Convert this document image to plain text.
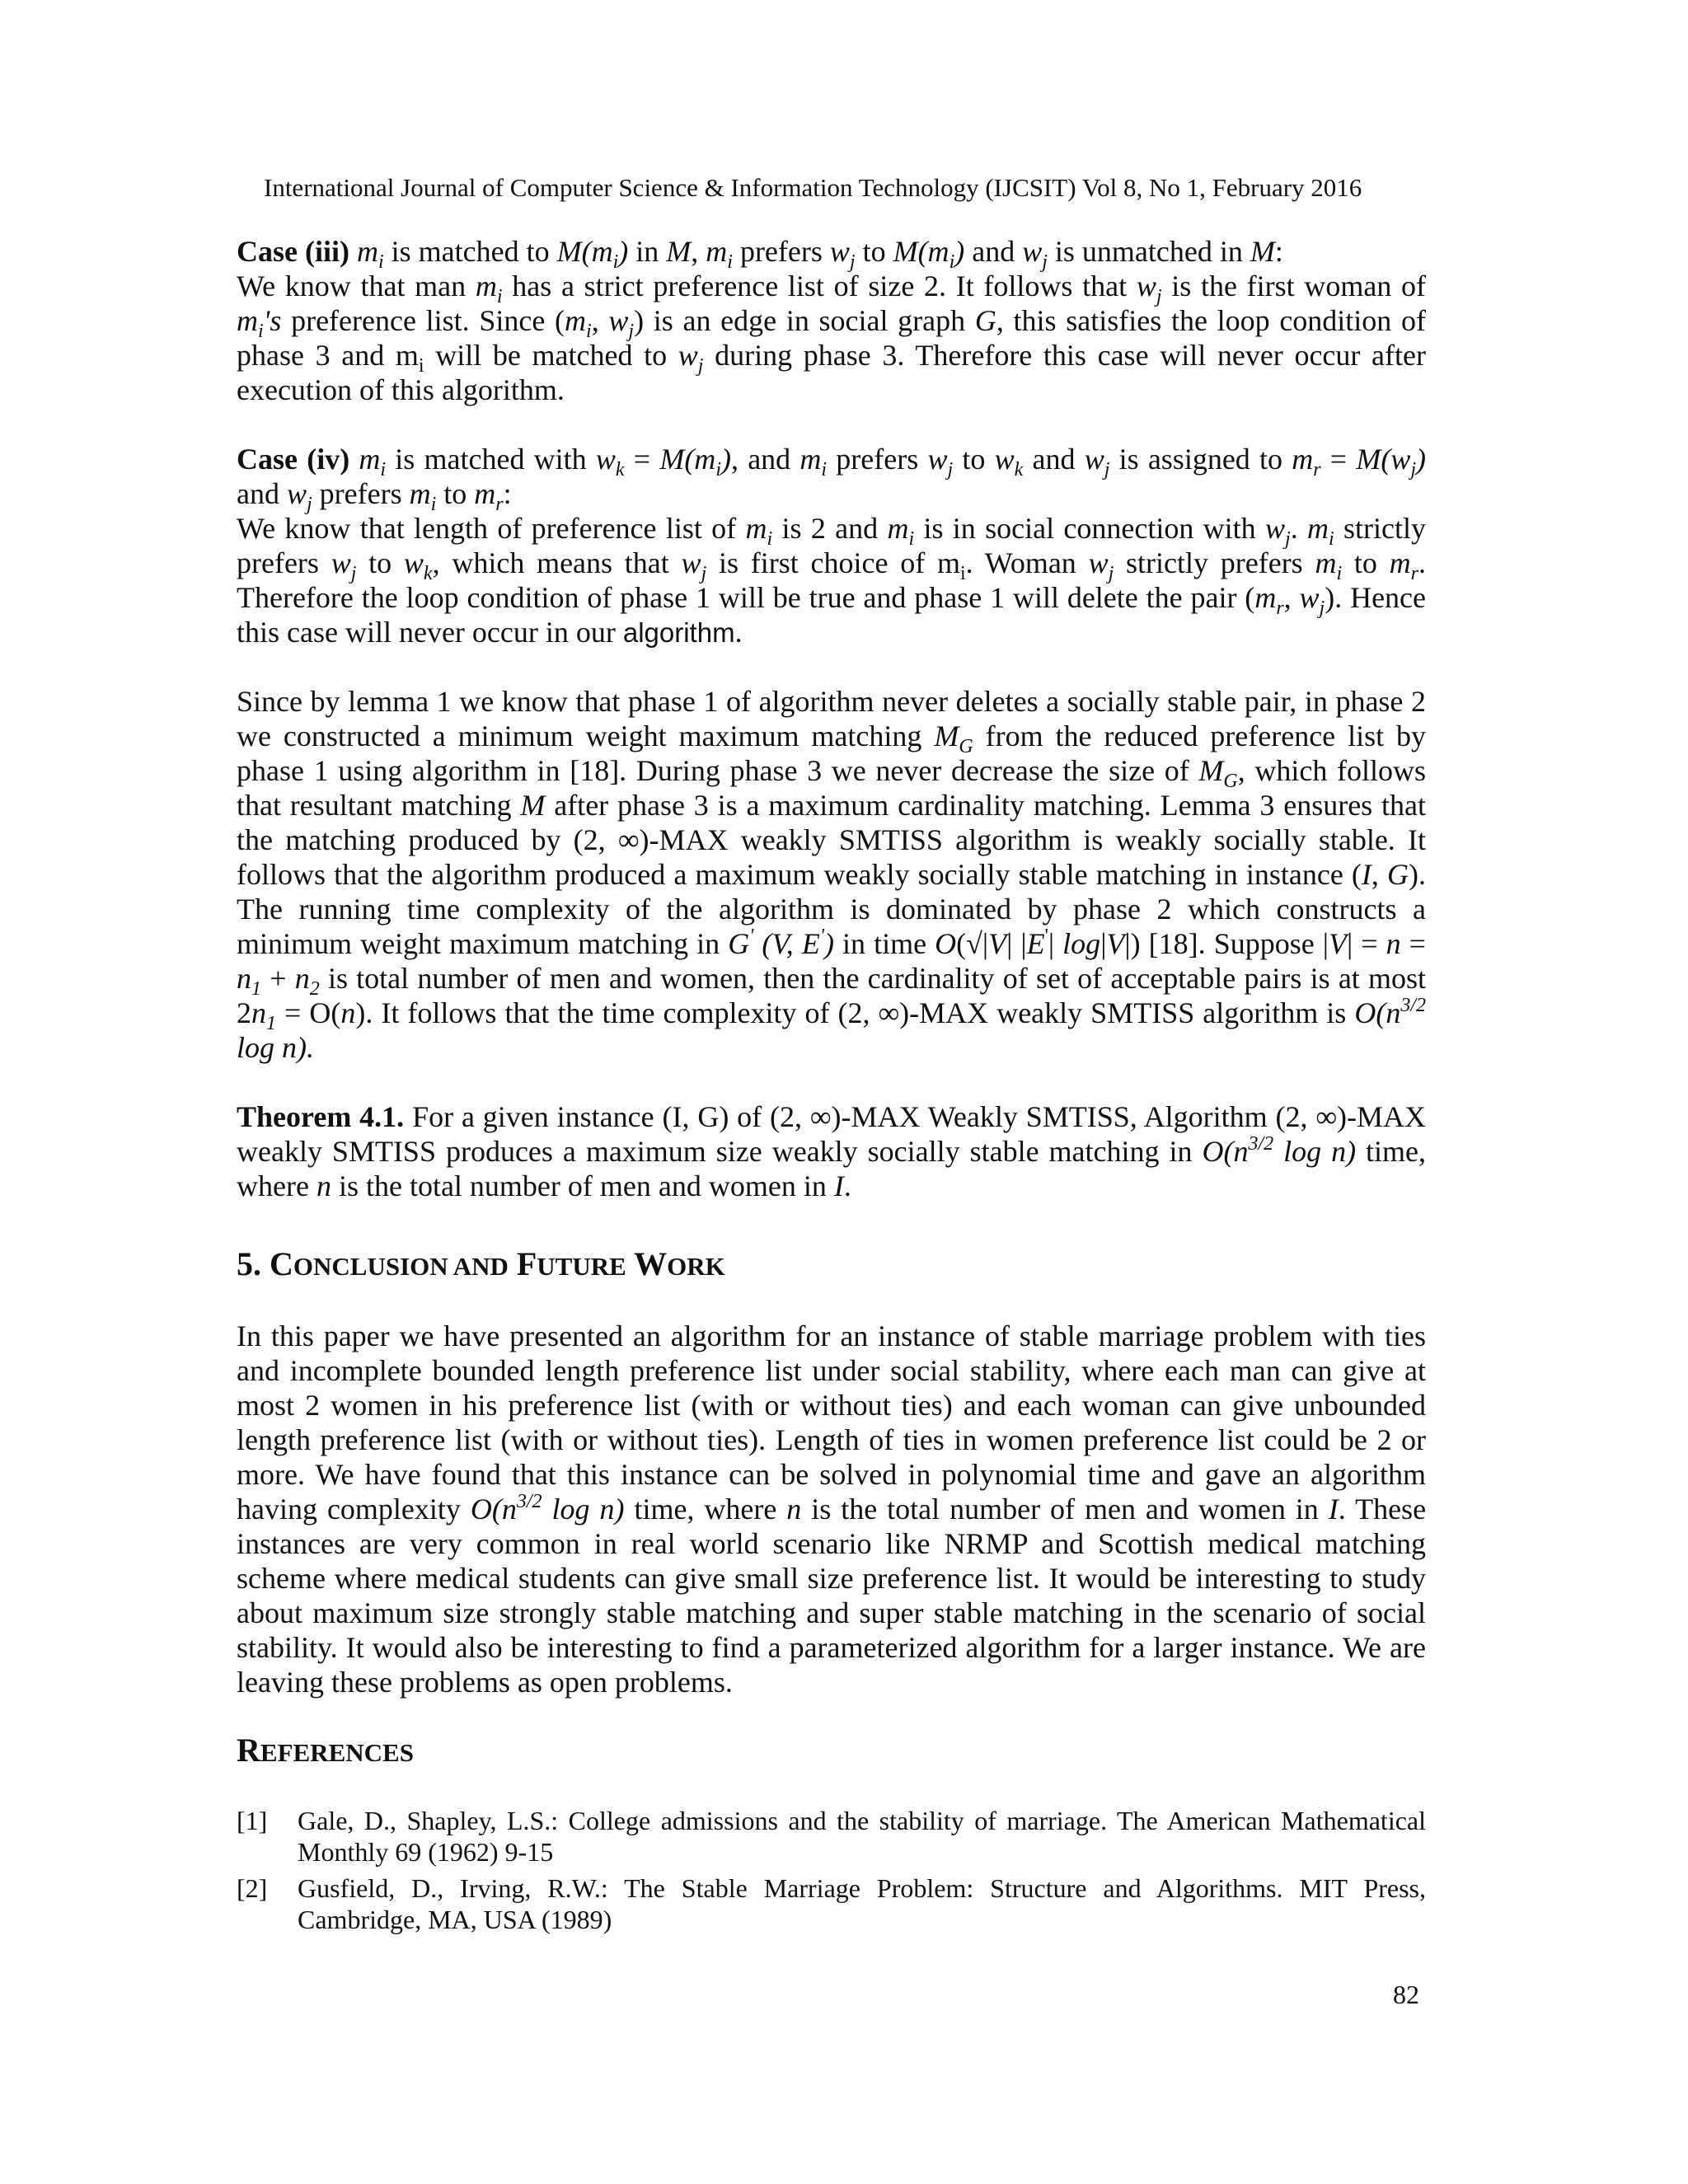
International Journal of Computer Science & Information Technology (IJCSIT) Vol 8, No 1, February 2016

Case (iii) $m_i$ is matched to $M(m_i)$ in M, $m_i$ prefers $w_j$ to $M(m_i)$ and $w_j$ is unmatched in M:

We know that man $m_i$ has a strict preference list of size 2. It follows that $w_j$ is the first woman of $m_i's$ preference list. Since ($m_i$, $w_j$) is an edge in social graph G, this satisfies the loop condition of phase 3 and $m_i$ will be matched to $w_j$ during phase 3. Therefore this case will never occur after execution of this algorithm.

Case (iv) $m_i$ is matched with $w_k = M(m_i)$, and $m_i$ prefers $w_j$ to $w_k$ and $w_j$ is assigned to $m_r = M(w_j)$ and $w_j$ prefers $m_i$ to $m_r$:

We know that length of preference list of $m_i$ is 2 and $m_i$ is in social connection with $w_j$. $m_i$ strictly prefers $w_j$ to $w_k$, which means that $w_j$ is first choice of $m_i$. Woman $w_j$ strictly prefers $m_i$ to $m_r$. Therefore the loop condition of phase 1 will be true and phase 1 will delete the pair ($m_r$, $w_j$). Hence this case will never occur in our algorithm.

Since by lemma 1 we know that phase 1 of algorithm never deletes a socially stable pair, in phase 2 we constructed a minimum weight maximum matching $M_G$ from the reduced preference list by phase 1 using algorithm in [18]. During phase 3 we never decrease the size of $M_G$, which follows that resultant matching M after phase 3 is a maximum cardinality matching. Lemma 3 ensures that the matching produced by (2, ∞)-MAX weakly SMTISS algorithm is weakly socially stable. It follows that the algorithm produced a maximum weakly socially stable matching in instance (I, G). The running time complexity of the algorithm is dominated by phase 2 which constructs a minimum weight maximum matching in G' (V, E') in time O(√|V| |E'| log|V|) [18]. Suppose $|V| = n = n_1 + n_2$ is total number of men and women, then the cardinality of set of acceptable pairs is at most $2n_1 = O(n)$. It follows that the time complexity of (2, ∞)-MAX weakly SMTISS algorithm is $O(n^{3/2}$ log n).

Theorem 4.1. For a given instance (I, G) of (2, ∞)-MAX Weakly SMTISS, Algorithm (2, ∞)-MAX weakly SMTISS produces a maximum size weakly socially stable matching in $O(n^{3/2}$ log n) time, where n is the total number of men and women in I.

5. CONCLUSION AND FUTURE WORK

In this paper we have presented an algorithm for an instance of stable marriage problem with ties and incomplete bounded length preference list under social stability, where each man can give at most 2 women in his preference list (with or without ties) and each woman can give unbounded length preference list (with or without ties). Length of ties in women preference list could be 2 or more. We have found that this instance can be solved in polynomial time and gave an algorithm having complexity $O(n^{3/2}$ log n) time, where n is the total number of men and women in I. These instances are very common in real world scenario like NRMP and Scottish medical matching scheme where medical students can give small size preference list. It would be interesting to study about maximum size strongly stable matching and super stable matching in the scenario of social stability. It would also be interesting to find a parameterized algorithm for a larger instance. We are leaving these problems as open problems.

REFERENCES
[1] Gale, D., Shapley, L.S.: College admissions and the stability of marriage. The American Mathematical Monthly 69 (1962) 9-15
[2] Gusfield, D., Irving, R.W.: The Stable Marriage Problem: Structure and Algorithms. MIT Press, Cambridge, MA, USA (1989)
82
